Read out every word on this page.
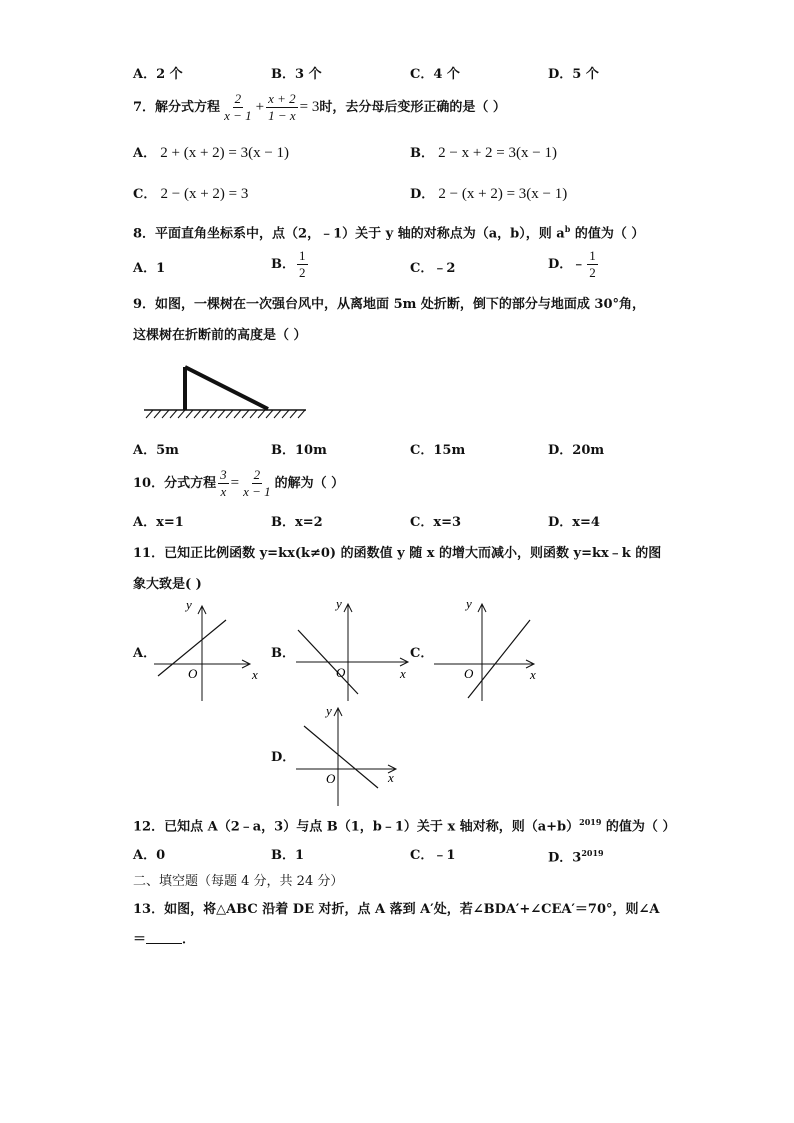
A．2 个	B．3 个	C．4 个	D．5 个
7． 解分式方程 $\frac{2}{x - 1} + \frac{x + 2}{1 - x} = 3$ 时，去分母后变形正确的是（ ）
A． 2 + (x + 2) = 3(x − 1)	B． 2 − x + 2 = 3(x − 1)
C． 2 − (x + 2) = 3	D． 2 − (x + 2) = 3(x − 1)
8．平面直角坐标系中，点（2，﹣1）关于 y 轴的对称点为（a，b），则 $a^b$ 的值为（ ）
A．1	B． $\frac{1}{2}$	C．﹣2	D． ﹣ $\frac{1}{2}$
9．如图，一棵树在一次强台风中，从离地面 5m 处折断，倒下的部分与地面成 30°角，
这棵树在折断前的高度是（ ）
A．5m	B．10m	C．15m	D．20m
10． 分式方程 $\frac{3}{x} = \frac{2}{x - 1}$ 的解为（ ）
A．x=1	B．x=2	C．x=3	D．x=4
11．已知正比例函数 y=kx(k≠0) 的函数值 y 随 x 的增大而减小，则函数 y=kx﹣k 的图
象大致是( )
A．
y
x
O
B．
y
x
O
C．
y
x
O
D．
y
x
O
12．已知点 A（2﹣a，3）与点 B（1，b﹣1）关于 x 轴对称，则$(a+b)^{2019}$ 的值为（ ）
A．0	B．1	C．﹣1	D．$3^{2019}$
二、填空题（每题 4 分，共 24 分）
13．如图，将△ABC 沿着 DE 对折，点 A 落到 A′处，若∠BDA′+∠CEA′＝70°，则∠A
＝	．
